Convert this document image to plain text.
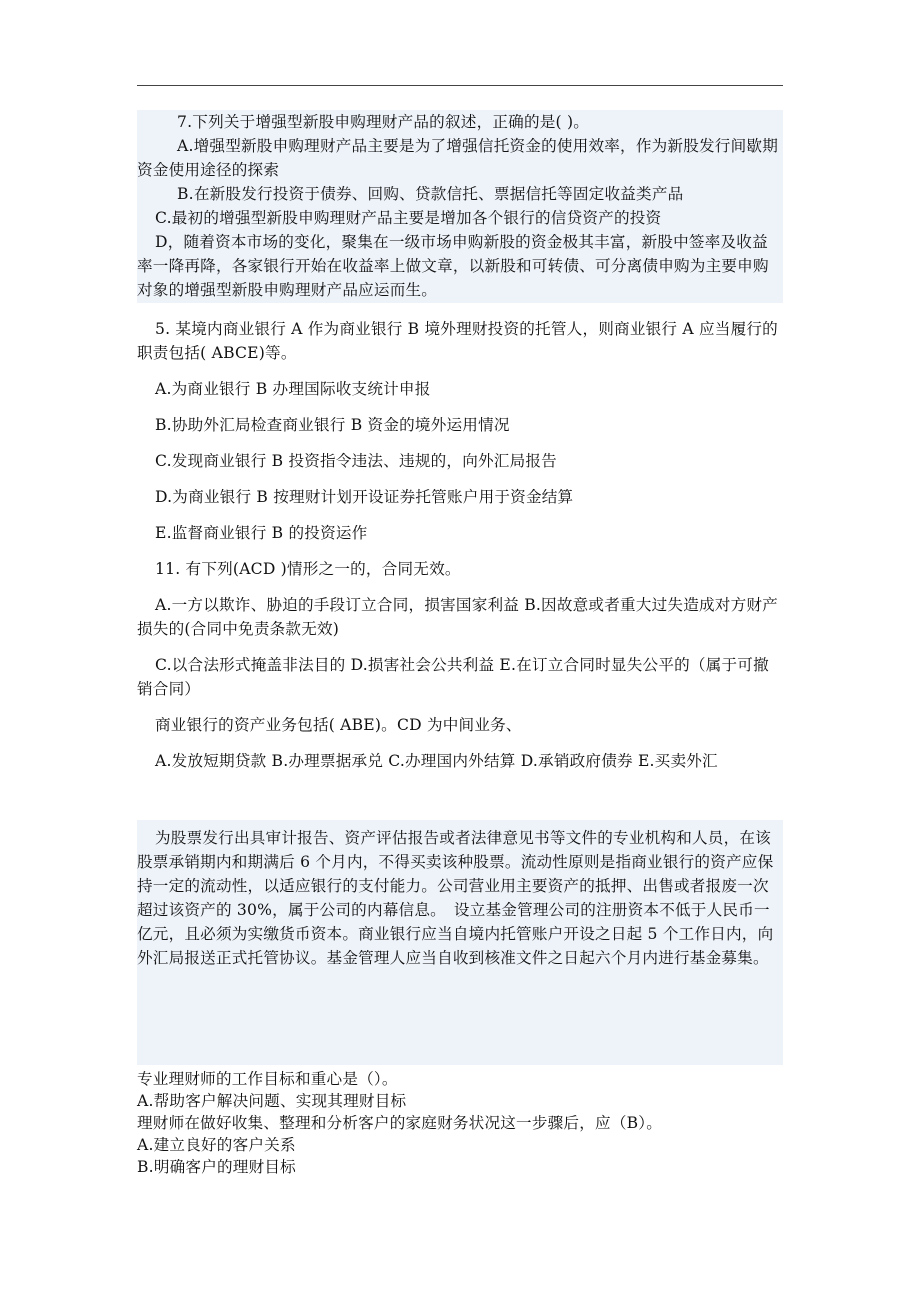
7.下列关于增强型新股申购理财产品的叙述，正确的是( )。

A.增强型新股申购理财产品主要是为了增强信托资金的使用效率，作为新股发行间歇期资金使用途径的探索

B.在新股发行投资于债券、回购、贷款信托、票据信托等固定收益类产品

C.最初的增强型新股申购理财产品主要是增加各个银行的信贷资产的投资

D，随着资本市场的变化，聚集在一级市场申购新股的资金极其丰富，新股中签率及收益率一降再降，各家银行开始在收益率上做文章，以新股和可转债、可分离债申购为主要申购对象的增强型新股申购理财产品应运而生。

5. 某境内商业银行 A 作为商业银行 B 境外理财投资的托管人，则商业银行 A 应当履行的职责包括( ABCE)等。

A.为商业银行 B 办理国际收支统计申报

B.协助外汇局检查商业银行 B 资金的境外运用情况

C.发现商业银行 B 投资指令违法、违规的，向外汇局报告

D.为商业银行 B 按理财计划开设证券托管账户用于资金结算

E.监督商业银行 B 的投资运作

11. 有下列(ACD )情形之一的，合同无效。

A.一方以欺诈、胁迫的手段订立合同，损害国家利益 B.因故意或者重大过失造成对方财产损失的(合同中免责条款无效)

C.以合法形式掩盖非法目的 D.损害社会公共利益 E.在订立合同时显失公平的（属于可撤销合同）

商业银行的资产业务包括( ABE)。CD 为中间业务、

A.发放短期贷款 B.办理票据承兑 C.办理国内外结算 D.承销政府债券 E.买卖外汇

为股票发行出具审计报告、资产评估报告或者法律意见书等文件的专业机构和人员，在该股票承销期内和期满后 6 个月内，不得买卖该种股票。流动性原则是指商业银行的资产应保持一定的流动性，以适应银行的支付能力。公司营业用主要资产的抵押、出售或者报废一次超过该资产的 30%，属于公司的内幕信息。　设立基金管理公司的注册资本不低于人民币一亿元，且必须为实缴货币资本。商业银行应当自境内托管账户开设之日起 5 个工作日内，向外汇局报送正式托管协议。基金管理人应当自收到核准文件之日起六个月内进行基金募集。

专业理财师的工作目标和重心是（）。

A.帮助客户解决问题、实现其理财目标

理财师在做好收集、整理和分析客户的家庭财务状况这一步骤后，应（B）。

A.建立良好的客户关系

B.明确客户的理财目标
